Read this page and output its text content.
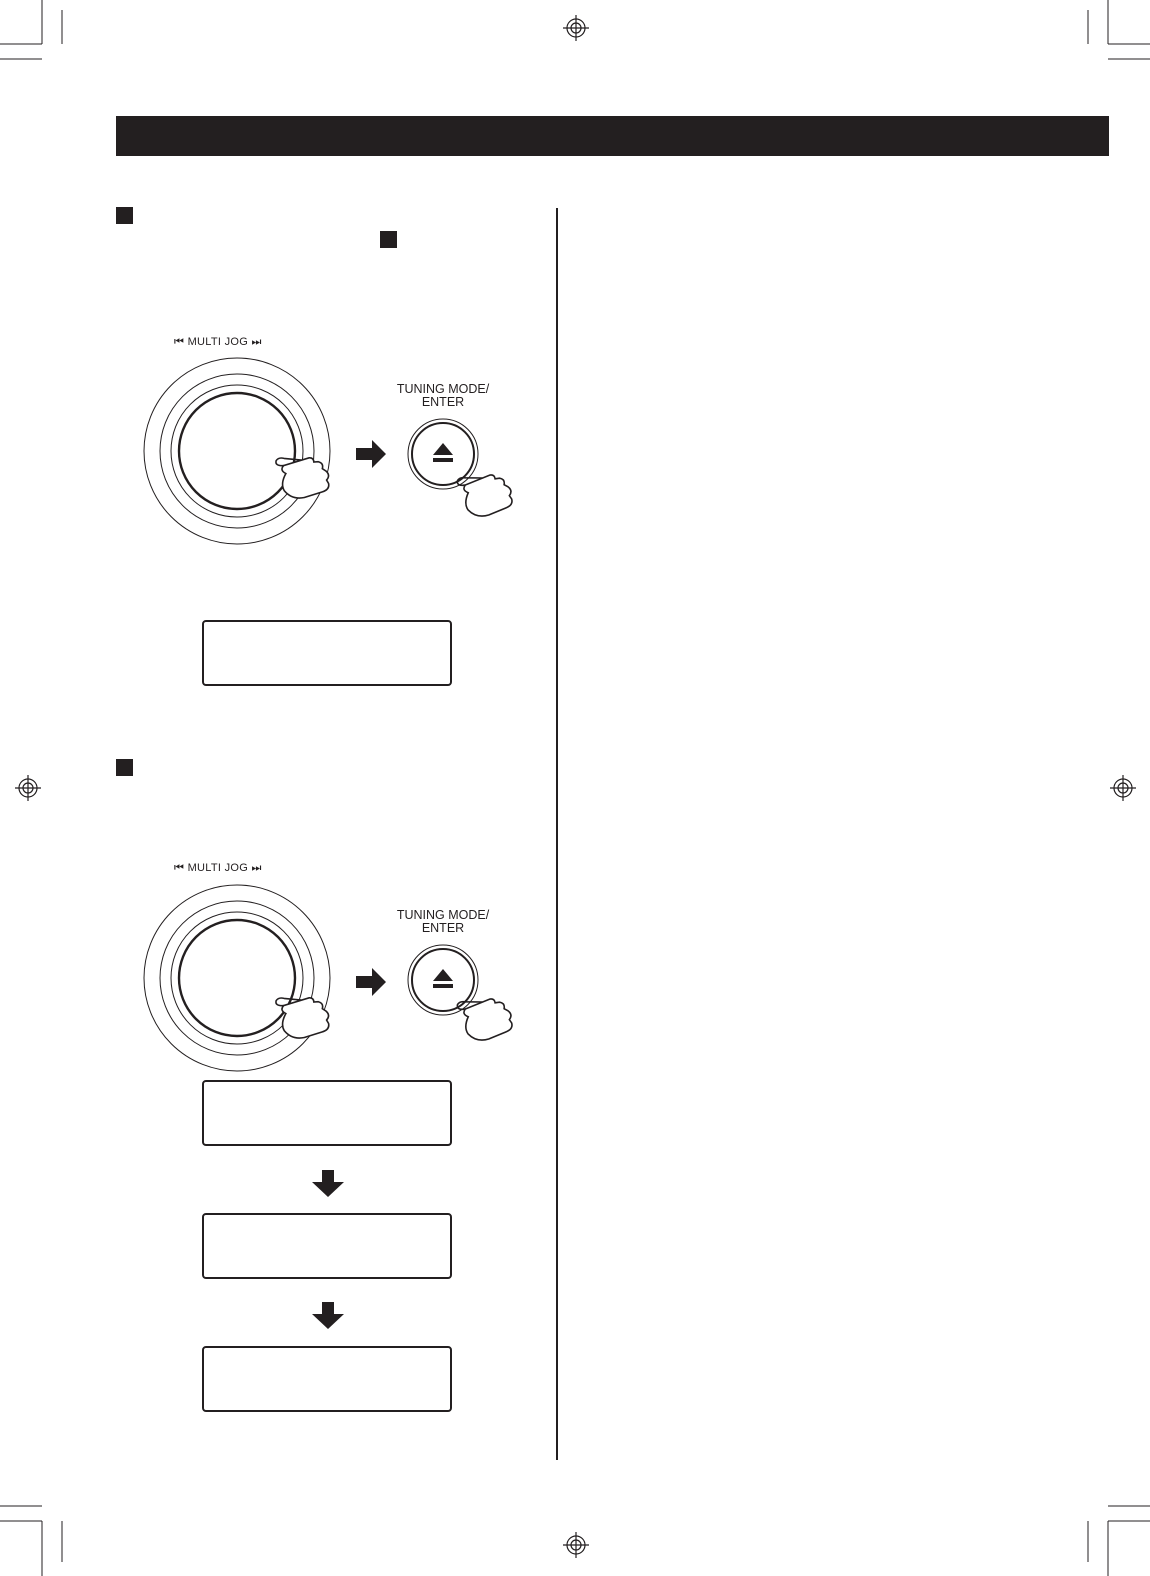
⏮︎ MULTI JOG ⏭︎
TUNING MODE/
ENTER
⏮︎ MULTI JOG ⏭︎
TUNING MODE/
ENTER
